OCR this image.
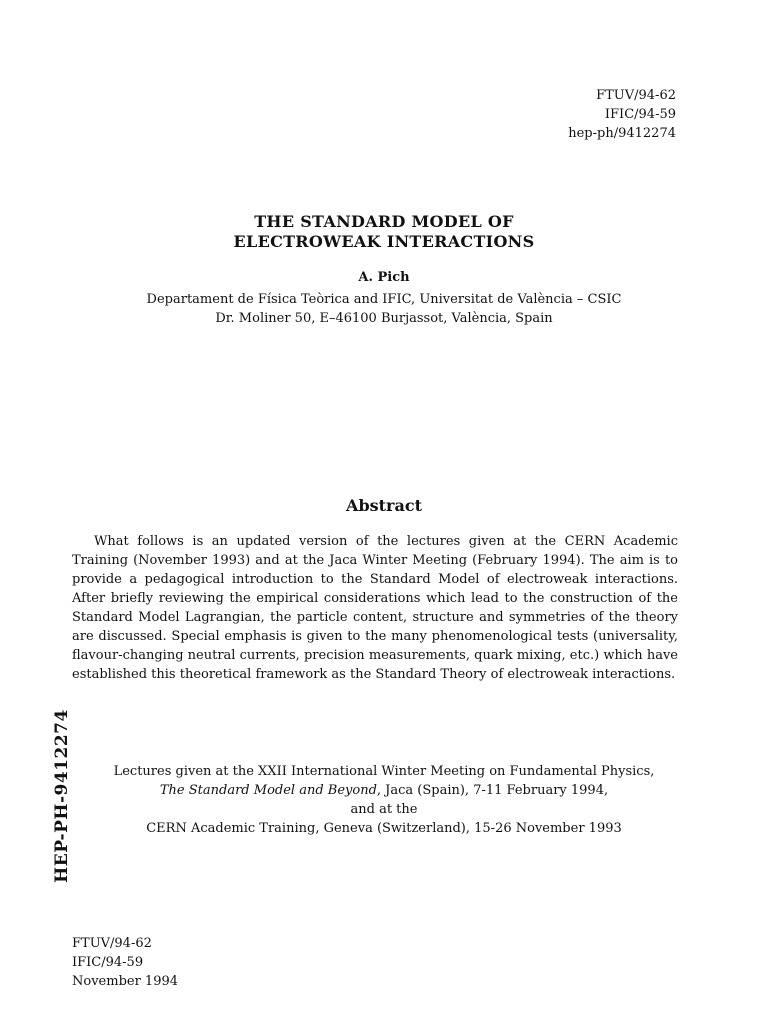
FTUV/94-62
IFIC/94-59
hep-ph/9412274
THE STANDARD MODEL OF
ELECTROWEAK INTERACTIONS
A. Pich
Departament de Física Teòrica and IFIC, Universitat de València – CSIC
Dr. Moliner 50, E–46100 Burjassot, València, Spain
Abstract
What follows is an updated version of the lectures given at the CERN Academic Training (November 1993) and at the Jaca Winter Meeting (February 1994). The aim is to provide a pedagogical introduction to the Standard Model of electroweak interactions. After briefly reviewing the empirical considerations which lead to the construction of the Standard Model Lagrangian, the particle content, structure and symmetries of the theory are discussed. Special emphasis is given to the many phenomenological tests (universality, flavour-changing neutral currents, precision measurements, quark mixing, etc.) which have established this theoretical framework as the Standard Theory of electroweak interactions.
Lectures given at the XXII International Winter Meeting on Fundamental Physics,
The Standard Model and Beyond, Jaca (Spain), 7-11 February 1994,
and at the
CERN Academic Training, Geneva (Switzerland), 15-26 November 1993
FTUV/94-62
IFIC/94-59
November 1994
HEP-PH-9412274
